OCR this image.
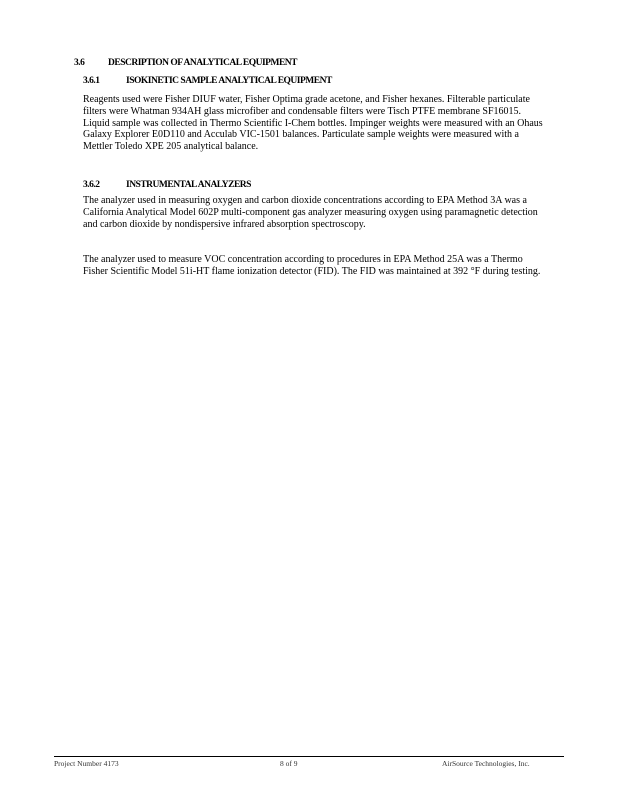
3.6 DESCRIPTION OF ANALYTICAL EQUIPMENT
3.6.1	ISOKINETIC SAMPLE ANALYTICAL EQUIPMENT

Reagents used were Fisher DIUF water, Fisher Optima grade acetone, and Fisher hexanes. Filterable particulate filters were Whatman 934AH glass microfiber and condensable filters were Tisch PTFE membrane SF16015. Liquid sample was collected in Thermo Scientific I-Chem bottles. Impinger weights were measured with an Ohaus Galaxy Explorer E0D110 and Acculab VIC-1501 balances. Particulate sample weights were measured with a Mettler Toledo XPE 205 analytical balance.

3.6.2	INSTRUMENTAL ANALYZERS

The analyzer used in measuring oxygen and carbon dioxide concentrations according to EPA Method 3A was a California Analytical Model 602P multi-component gas analyzer measuring oxygen using paramagnetic detection and carbon dioxide by nondispersive infrared absorption spectroscopy.

The analyzer used to measure VOC concentration according to procedures in EPA Method 25A was a Thermo Fisher Scientific Model 51i-HT flame ionization detector (FID). The FID was maintained at 392 °F during testing.

Project Number 4173	8 of 9	AirSource Technologies, Inc.
